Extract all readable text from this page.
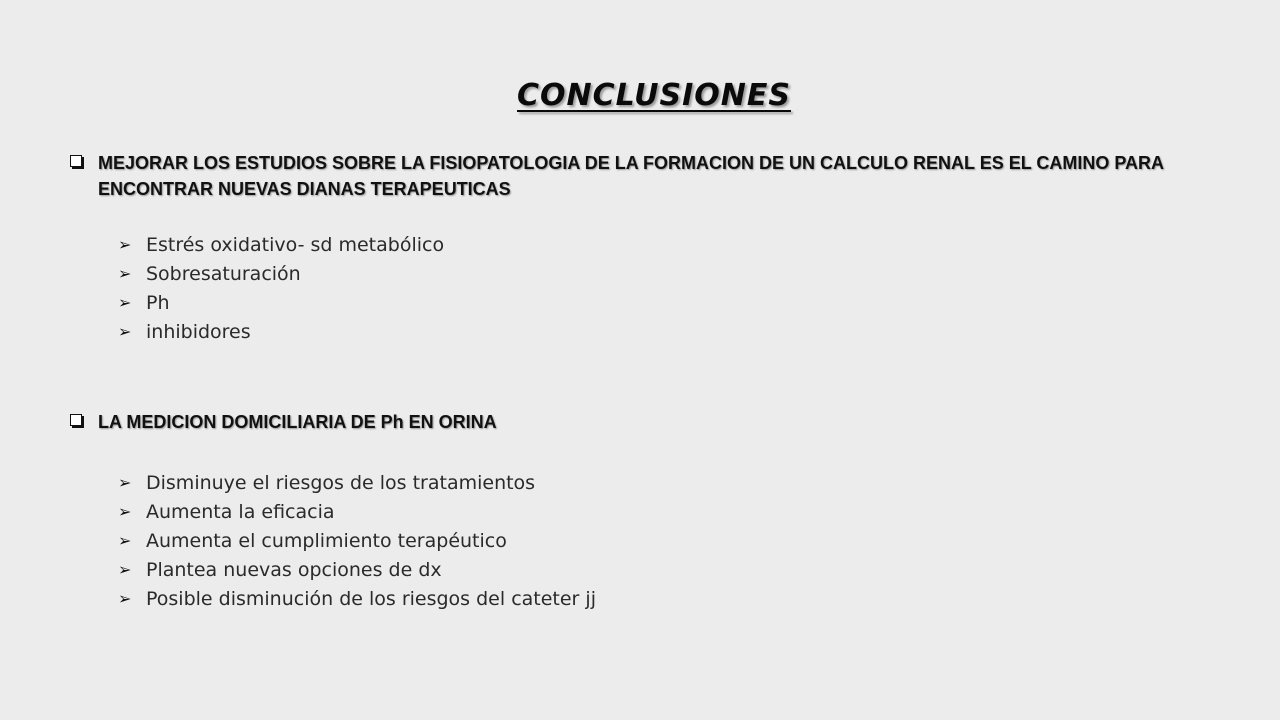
CONCLUSIONES
MEJORAR LOS ESTUDIOS SOBRE LA FISIOPATOLOGIA DE LA FORMACION DE UN CALCULO RENAL ES EL CAMINO PARA ENCONTRAR NUEVAS DIANAS TERAPEUTICAS
➢ Estrés oxidativo- sd metabólico
➢ Sobresaturación
➢ Ph
➢ inhibidores
LA MEDICION DOMICILIARIA DE Ph EN ORINA
➢ Disminuye el riesgos de los tratamientos
➢ Aumenta la eficacia
➢ Aumenta el cumplimiento terapéutico
➢ Plantea nuevas opciones de dx
➢ Posible disminución de los riesgos del cateter jj
